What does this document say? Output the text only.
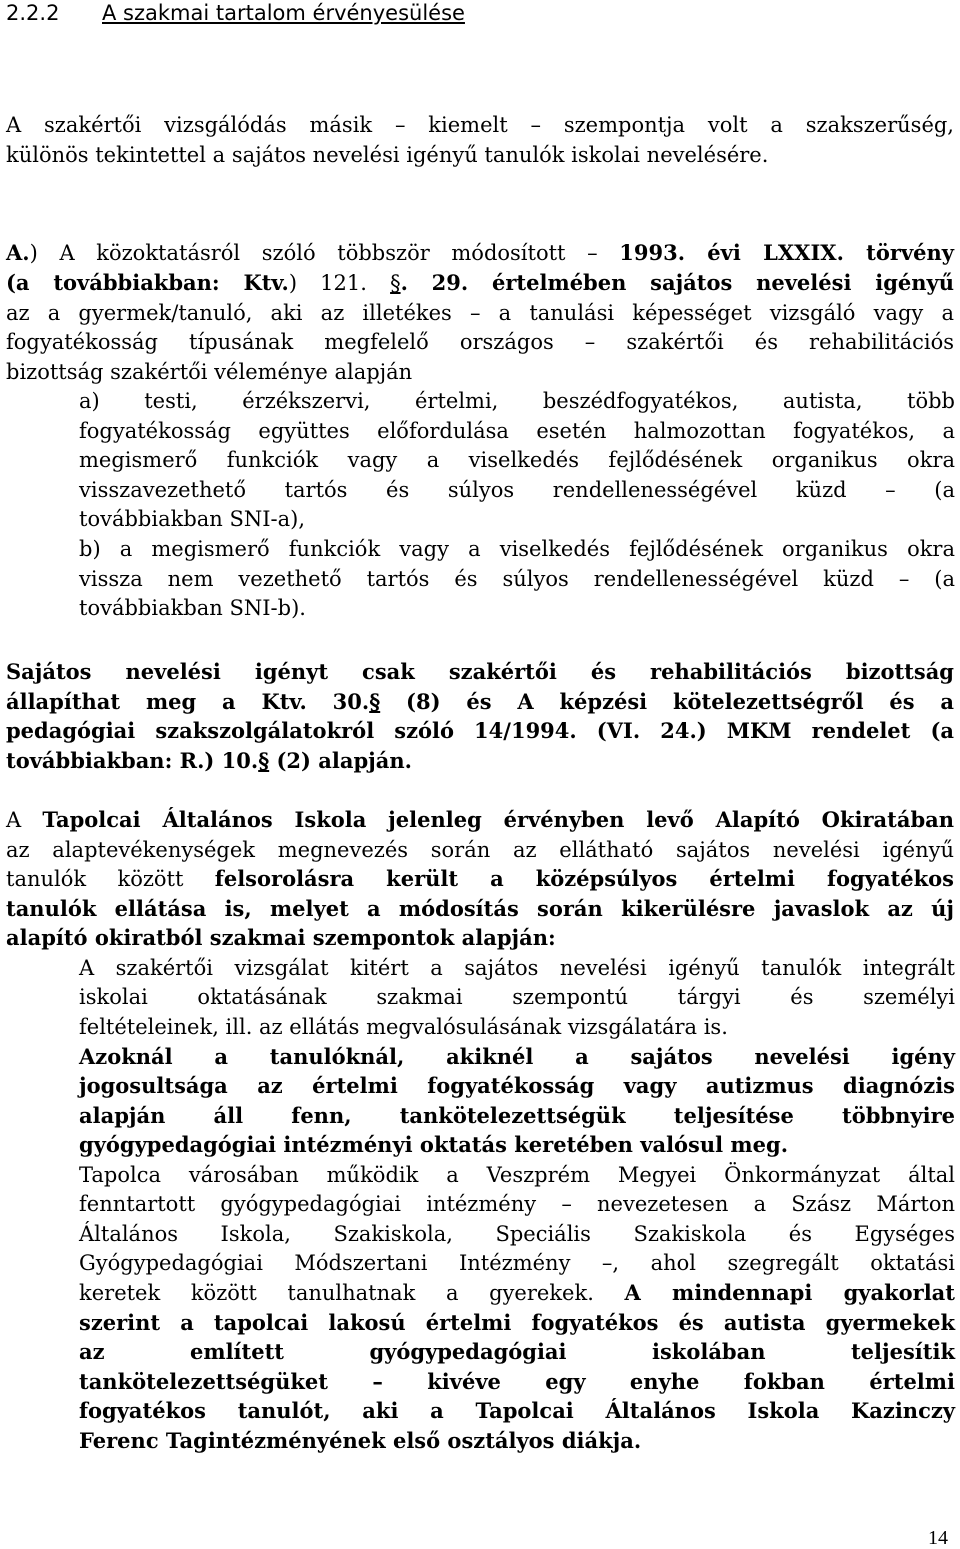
2.2.2 A szakmai tartalom érvényesülése
A szakértői vizsgálódás másik – kiemelt – szempontja volt a szakszerűség,
különös tekintettel a sajátos nevelési igényű tanulók iskolai nevelésére.
A.) A közoktatásról szóló többször módosított – 1993. évi LXXIX. törvény
(a továbbiakban: Ktv.) 121. §. 29. értelmében sajátos nevelési igényű
az a gyermek/tanuló, aki az illetékes – a tanulási képességet vizsgáló vagy a
fogyatékosság típusának megfelelő országos – szakértői és rehabilitációs
bizottság szakértői véleménye alapján
a) testi, érzékszervi, értelmi, beszédfogyatékos, autista, több
fogyatékosság együttes előfordulása esetén halmozottan fogyatékos, a
megismerő funkciók vagy a viselkedés fejlődésének organikus okra
visszavezethető tartós és súlyos rendellenességével küzd – (a
továbbiakban SNI-a),
b) a megismerő funkciók vagy a viselkedés fejlődésének organikus okra
vissza nem vezethető tartós és súlyos rendellenességével küzd – (a
továbbiakban SNI-b).
Sajátos nevelési igényt csak szakértői és rehabilitációs bizottság
állapíthat meg a Ktv. 30.§ (8) és A képzési kötelezettségről és a
pedagógiai szakszolgálatokról szóló 14/1994. (VI. 24.) MKM rendelet (a
továbbiakban: R.) 10.§ (2) alapján.
A Tapolcai Általános Iskola jelenleg érvényben levő Alapító Okiratában
az alaptevékenységek megnevezés során az ellátható sajátos nevelési igényű
tanulók között felsorolásra került a középsúlyos értelmi fogyatékos
tanulók ellátása is, melyet a módosítás során kikerülésre javaslok az új
alapító okiratból szakmai szempontok alapján:
A szakértői vizsgálat kitért a sajátos nevelési igényű tanulók integrált
iskolai oktatásának szakmai szempontú tárgyi és személyi
feltételeinek, ill. az ellátás megvalósulásának vizsgálatára is.
Azoknál a tanulóknál, akiknél a sajátos nevelési igény
jogosultsága az értelmi fogyatékosság vagy autizmus diagnózis
alapján áll fenn, tankötelezettségük teljesítése többnyire
gyógypedagógiai intézményi oktatás keretében valósul meg.
Tapolca városában működik a Veszprém Megyei Önkormányzat által
fenntartott gyógypedagógiai intézmény – nevezetesen a Szász Márton
Általános Iskola, Szakiskola, Speciális Szakiskola és Egységes
Gyógypedagógiai Módszertani Intézmény –, ahol szegregált oktatási
keretek között tanulhatnak a gyerekek. A mindennapi gyakorlat
szerint a tapolcai lakosú értelmi fogyatékos és autista gyermekek
az említett gyógypedagógiai iskolában teljesítik
tankötelezettségüket – kivéve egy enyhe fokban értelmi
fogyatékos tanulót, aki a Tapolcai Általános Iskola Kazinczy
Ferenc Tagintézményének első osztályos diákja.
14
